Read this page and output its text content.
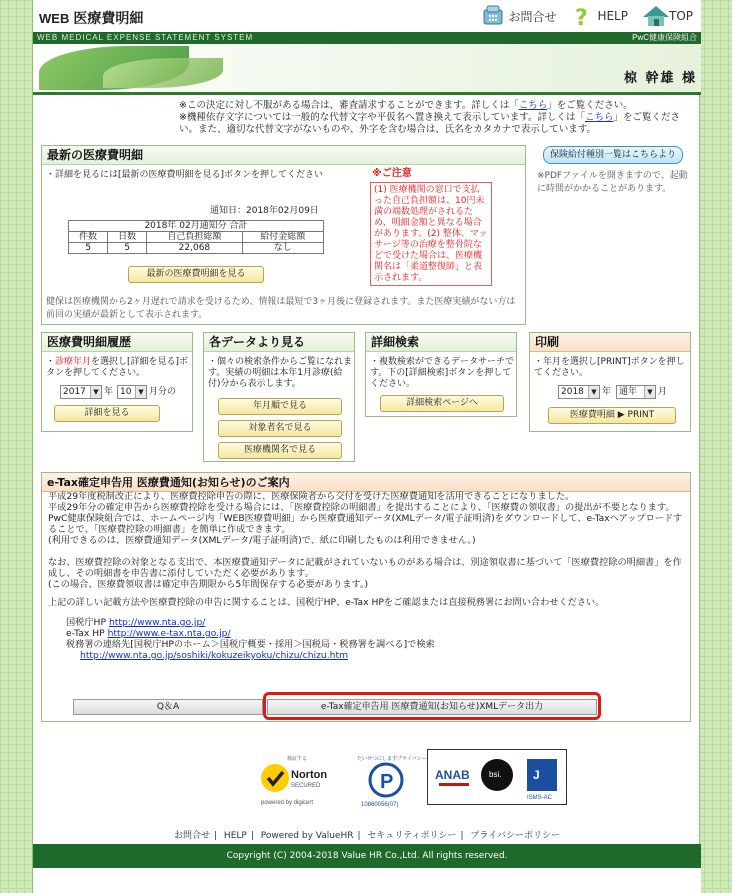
WEB 医療費明細	お問合せ ? HELP	TOP
WEB MEDICAL EXPENSE STATEMENT SYSTEM	PwC健康保険組合
椋 幹雄 様
※この決定に対し不服がある場合は、審査請求することができます。詳しくは「こちら」をご覧ください。
※機種依存文字については一般的な代替文字や平仮名へ置き換えて表示しています。詳しくは「こちら」をご覧ください。また、適切な代替文字がないものや、外字を含む場合は、氏名をカタカナで表示しています。
最新の医療費明細
・詳細を見るには[最新の医療費明細を見る]ボタンを押してください
通知日：2018年02月09日
2018年 02月通知分 合計			
件数	日数	自己負担総額	給付金総額
5	5	22,068	なし
最新の医療費明細を見る
※ご注意
(1) 医療機関の窓口で支払った自己負担額は、10円未満の端数処理がされるため、明細金額と異なる場合があります。(2) 整体、マッサージ等の治療を整骨院などで受けた場合は、医療機関名は「柔道整復師」と表示されます。
健保は医療機関から2ヶ月遅れで請求を受けるため、情報は最短で3ヶ月後に登録されます。また医療実績がない方は前回の実績が最新として表示されます。
保険給付種別一覧はこちらより
※PDFファイルを開きますので、起動に時間がかかることがあります。
医療費明細履歴
・診療年月を選択し[詳細を見る]ボタンを押してください。
2017	▼ 年 10 ▼ 月分の
詳細を見る
各データより見る
・個々の検索条件からご覧になれます。実績の明細は本年1月診療(給付)分から表示します。
年月順で見る
対象者名で見る
医療機関名で見る
詳細検索
・複数検索ができるデータサーチです。下の[詳細検索]ボタンを押してください。
詳細検索ページへ
印刷
・年月を選択し[PRINT]ボタンを押してください。
2018	▼ 年 通年	▼ 月
医療費明細 ▶ PRINT
e-Tax確定申告用 医療費通知(お知らせ)のご案内
平成29年度税制改正により、医療費控除申告の際に、医療保険者から交付を受けた医療費通知を活用できることになりました。
平成29年分の確定申告から医療費控除を受ける場合には、「医療費控除の明細書」を提出することにより、「医療費の領収書」の提出が不要となります。
PwC健康保険組合では、ホームページ内「WEB医療費明細」から医療費通知データ(XMLデータ/電子証明済)をダウンロードして、e-Taxへアップロードすることで、「医療費控除の明細書」を簡単に作成できます。
(利用できるのは、医療費通知データ(XMLデータ/電子証明済)で、紙に印刷したものは利用できません。)
なお、医療費控除の対象となる支出で、本医療費通知データに記載がされていないものがある場合は、別途領収書に基づいて「医療費控除の明細書」を作成し、その明細書を申告書に添付していただく必要があります。
(この場合、医療費領収書は確定申告期限から5年間保存する必要があります。)
上記の詳しい記載方法や医療費控除の申告に関することは、国税庁HP、e-Tax HPをご確認または直接税務署にお問い合わせください。
国税庁HP http://www.nta.go.jp/
e-Tax HP http://www.e-tax.nta.go.jp/
税務署の連絡先[国税庁HPのホーム＞国税庁概要・採用＞国税局・税務署を調べる]で検索
http://www.nta.go.jp/soshiki/kokuzeikyoku/chizu/chizu.htm
Q＆A	e-Tax確定申告用 医療費通知(お知らせ)XMLデータ出力
検証する
Norton
SECURED
powered by digicert
たいせつにしますプライバシー
P
10860056(07)
ANAB bsi.	J
ISMS-AC
お問合せ | HELP | Powered by ValueHR | セキュリティポリシー | プライバシーポリシー
Copyright (C) 2004-2018 Value HR Co.,Ltd. All rights reserved.
